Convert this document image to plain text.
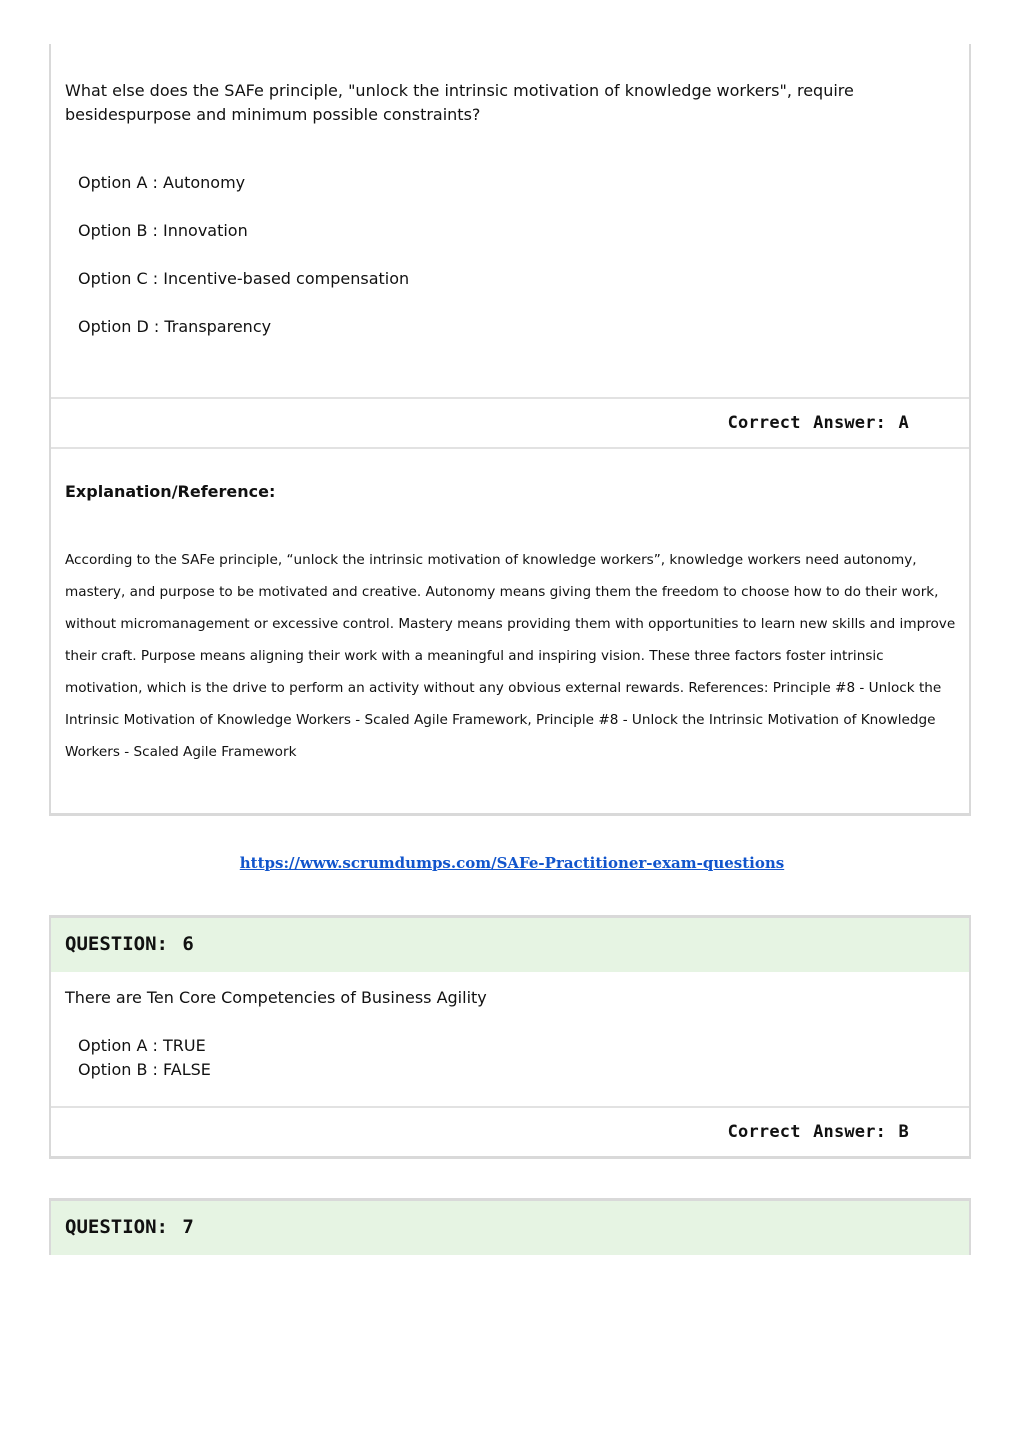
What else does the SAFe principle, "unlock the intrinsic motivation of knowledge workers", require besidespurpose and minimum possible constraints?

Option A : Autonomy
Option B : Innovation
Option C : Incentive-based compensation
Option D : Transparency
Correct Answer: A
Explanation/Reference:

According to the SAFe principle, “unlock the intrinsic motivation of knowledge workers”, knowledge workers need autonomy, mastery, and purpose to be motivated and creative. Autonomy means giving them the freedom to choose how to do their work, without micromanagement or excessive control. Mastery means providing them with opportunities to learn new skills and improve their craft. Purpose means aligning their work with a meaningful and inspiring vision. These three factors foster intrinsic motivation, which is the drive to perform an activity without any obvious external rewards. References: Principle #8 - Unlock the Intrinsic Motivation of Knowledge Workers - Scaled Agile Framework, Principle #8 - Unlock the Intrinsic Motivation of Knowledge Workers - Scaled Agile Framework

https://www.scrumdumps.com/SAFe-Practitioner-exam-questions
QUESTION: 6

There are Ten Core Competencies of Business Agility

Option A : TRUE
Option B : FALSE
Correct Answer: B
QUESTION: 7
